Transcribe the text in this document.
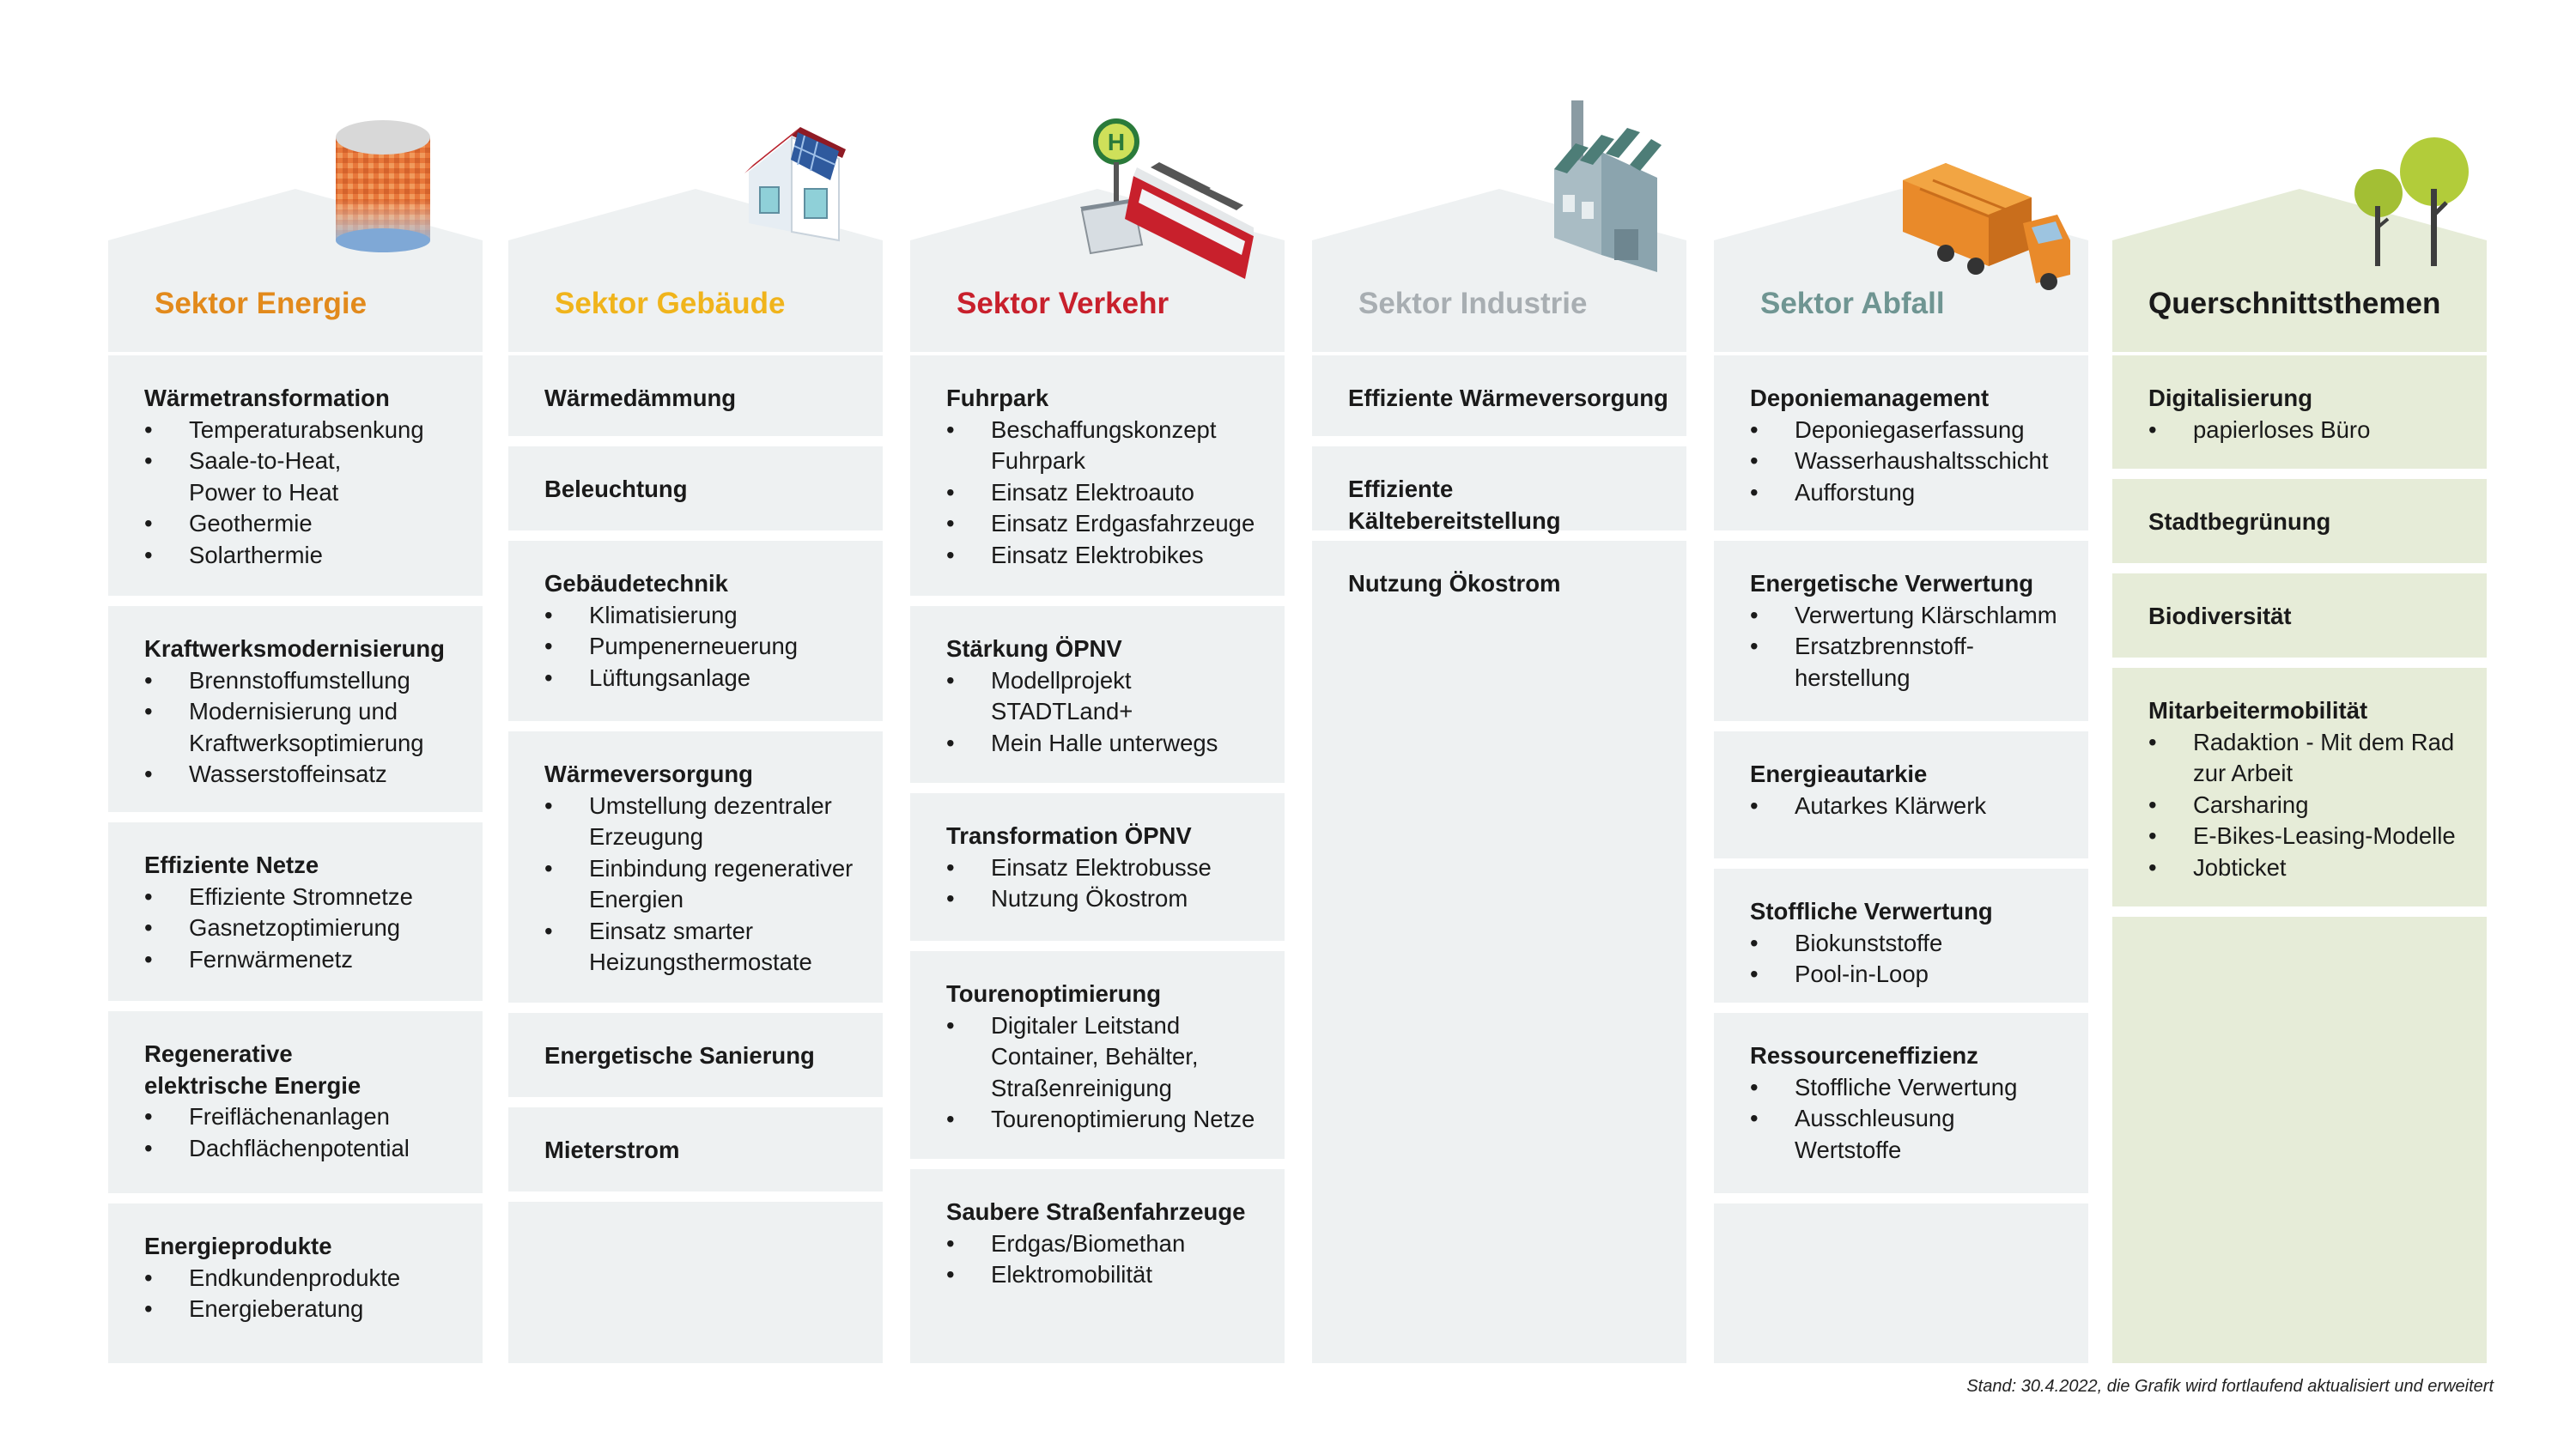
Sektor Energie
Wärmetransformation
• Temperaturabsenkung
• Saale-to-Heat,
Power to Heat
• Geothermie
• Solarthermie
Kraftwerksmodernisierung
• Brennstoffumstellung
• Modernisierung und
Kraftwerksoptimierung
• Wasserstoffeinsatz
Effiziente Netze
• Effiziente Stromnetze
• Gasnetzoptimierung
• Fernwärmenetz
Regenerative
elektrische Energie
• Freiflächenanlagen
• Dachflächenpotential
Energieprodukte
• Endkundenprodukte
• Energieberatung
Sektor Gebäude
Wärmedämmung
Beleuchtung
Gebäudetechnik
• Klimatisierung
• Pumpenerneuerung
• Lüftungsanlage
Wärmeversorgung
• Umstellung dezentraler
Erzeugung
• Einbindung regenerativer
Energien
• Einsatz smarter
Heizungsthermostate
Energetische Sanierung
Mieterstrom
H
Sektor Verkehr
Fuhrpark
• Beschaffungskonzept
Fuhrpark
• Einsatz Elektroauto
• Einsatz Erdgasfahrzeuge
• Einsatz Elektrobikes
Stärkung ÖPNV
• Modellprojekt
STADTLand+
• Mein Halle unterwegs
Transformation ÖPNV
• Einsatz Elektrobusse
• Nutzung Ökostrom
Tourenoptimierung
• Digitaler Leitstand
Container, Behälter,
Straßenreinigung
• Tourenoptimierung Netze
Saubere Straßenfahrzeuge
• Erdgas/Biomethan
• Elektromobilität
Sektor Industrie
Effiziente Wärmeversorgung
Effiziente Kältebereitstellung
Nutzung Ökostrom
Sektor Abfall
Deponiemanagement
• Deponiegaserfassung
• Wasserhaushaltsschicht
• Aufforstung
Energetische Verwertung
• Verwertung Klärschlamm
• Ersatzbrennstoff-
herstellung
Energieautarkie
• Autarkes Klärwerk
Stoffliche Verwertung
• Biokunststoffe
• Pool-in-Loop
Ressourceneffizienz
• Stoffliche Verwertung
• Ausschleusung
Wertstoffe
Querschnittsthemen
Digitalisierung
• papierloses Büro
Stadtbegrünung
Biodiversität
Mitarbeitermobilität
• Radaktion - Mit dem Rad
zur Arbeit
• Carsharing
• E-Bikes-Leasing-Modelle
• Jobticket
Stand: 30.4.2022, die Grafik wird fortlaufend aktualisiert und erweitert
